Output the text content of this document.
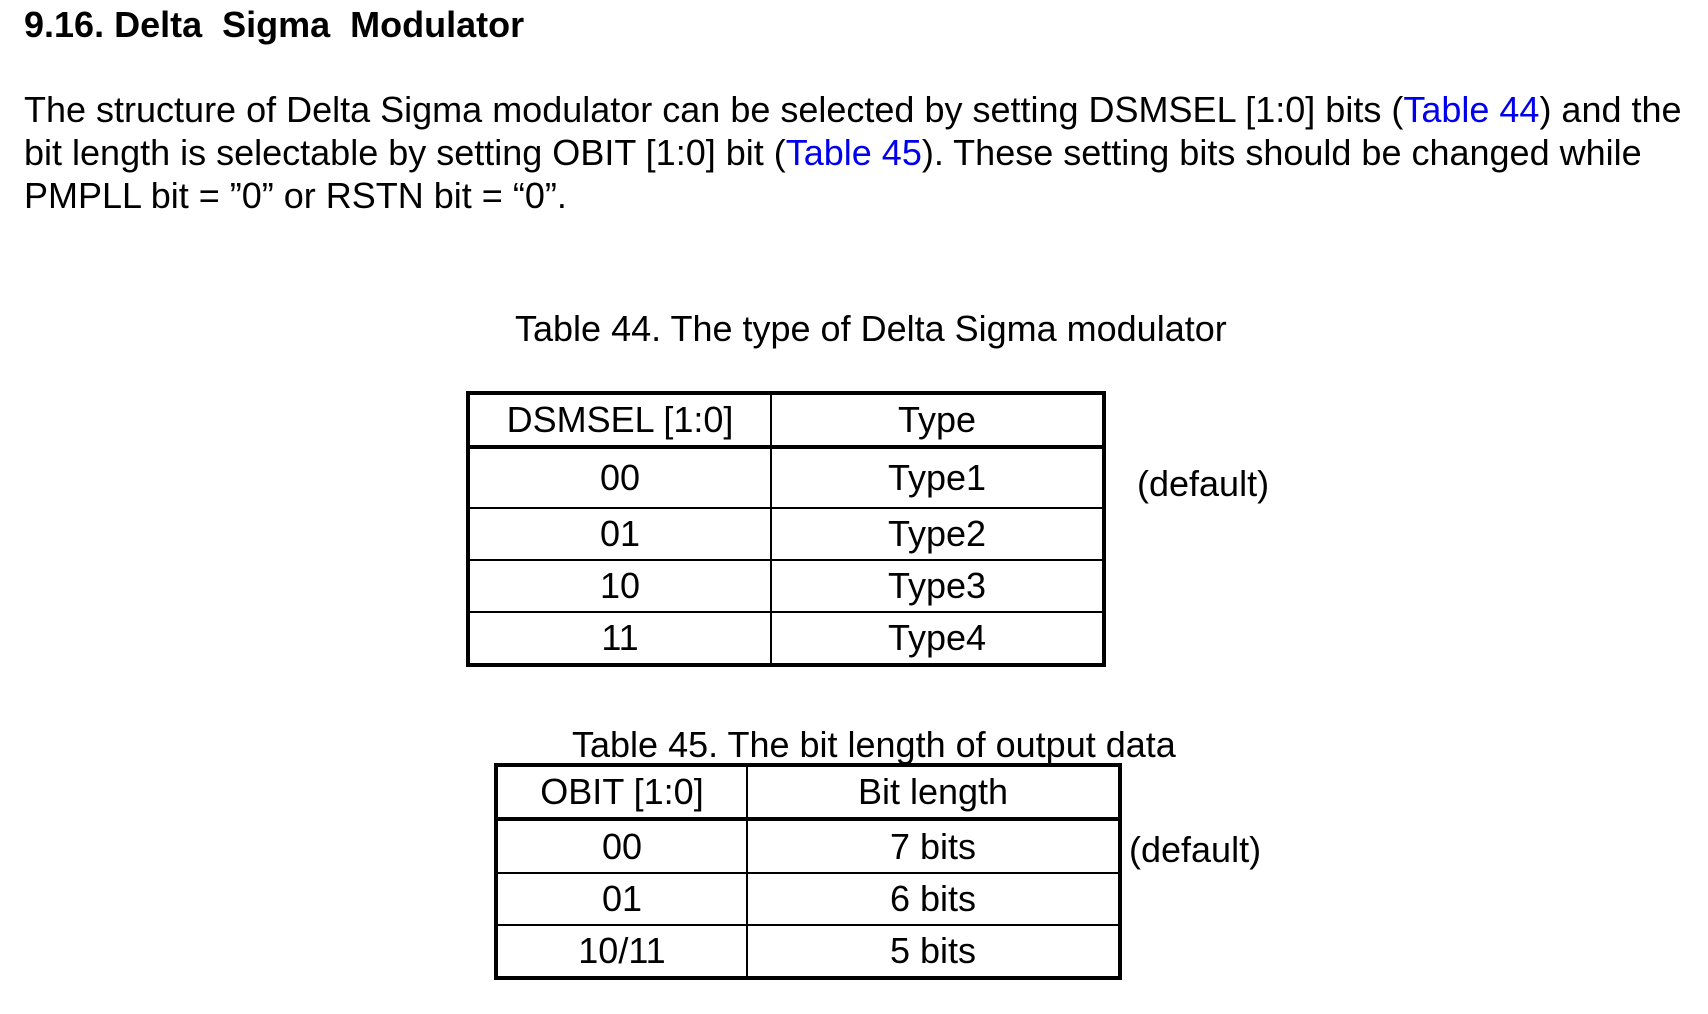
9.16. Delta  Sigma  Modulator

The structure of Delta Sigma modulator can be selected by setting DSMSEL [1:0] bits (Table 44) and the bit length is selectable by setting OBIT [1:0] bit (Table 45). These setting bits should be changed while PMPLL bit = ”0” or RSTN bit = “0”.

Table 44. The type of Delta Sigma modulator
DSMSEL [1:0]	Type
00	Type1
01	Type2
10	Type3
11	Type4
(default)
Table 45. The bit length of output data
OBIT [1:0]	Bit length
00	7 bits
01	6 bits
10/11	5 bits
(default)
